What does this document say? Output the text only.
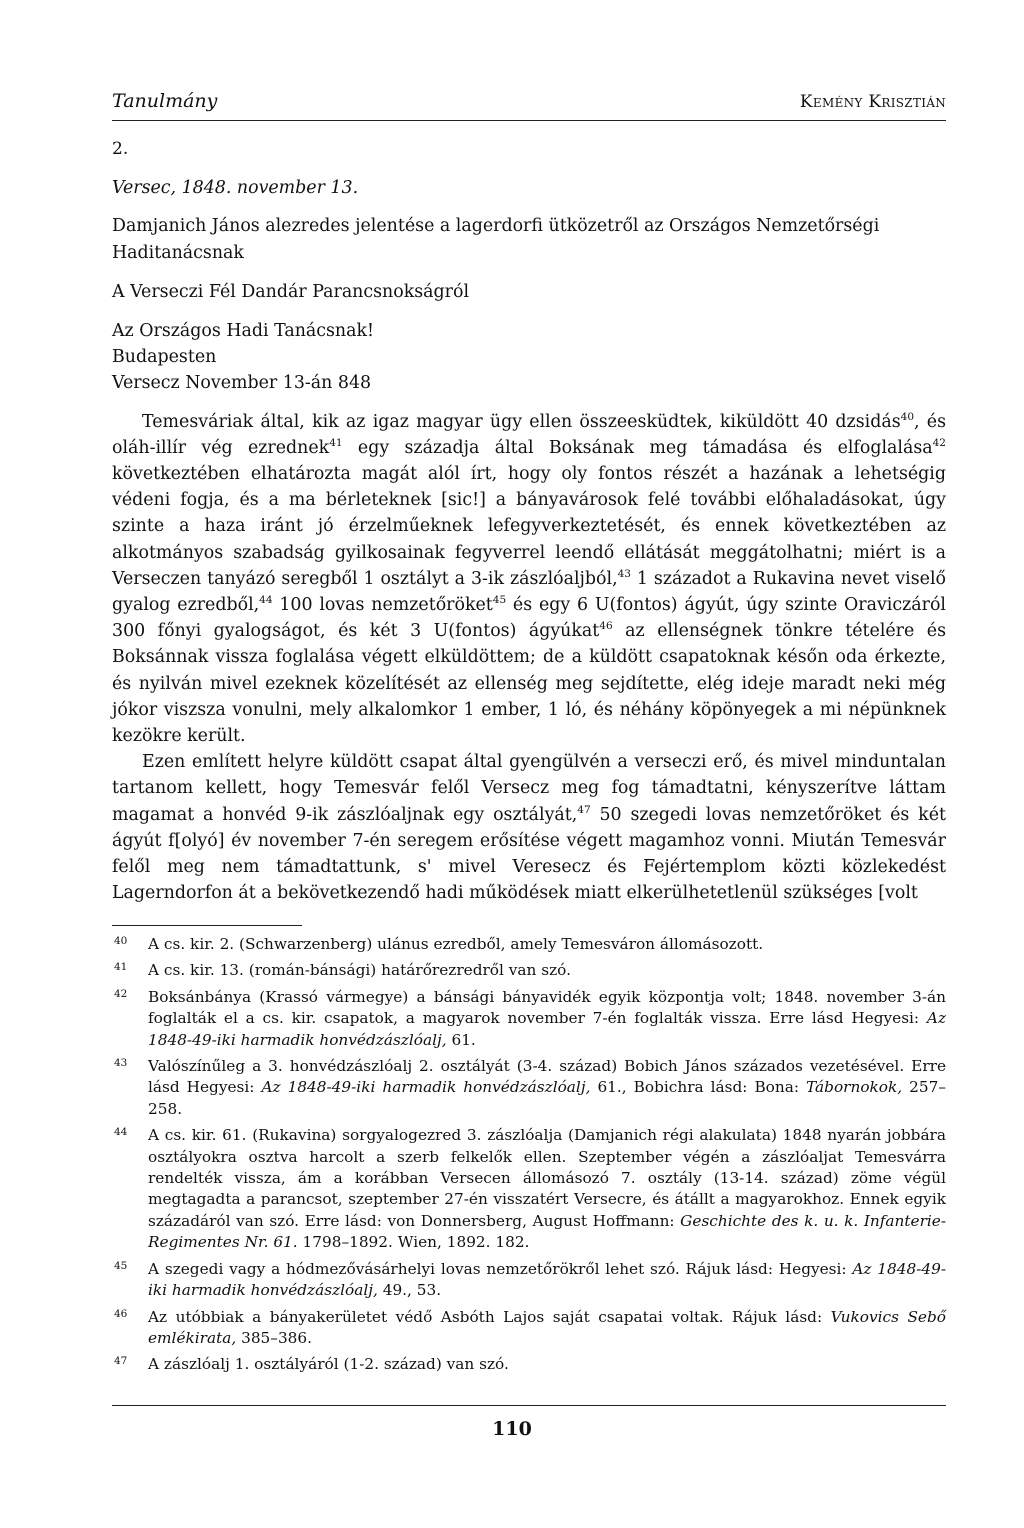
Tanulmány	Kemény Krisztián

2.

Versec, 1848. november 13.

Damjanich János alezredes jelentése a lagerdorfi ütközetről az Országos Nemzetőrségi Haditanácsnak

A Verseczi Fél Dandár Parancsnokságról

Az Országos Hadi Tanácsnak!

Budapesten

Versecz November 13-án 848

Temesváriak által, kik az igaz magyar ügy ellen összeesküdtek, kiküldött 40 dzsidás$^{40}$, és oláh-illír vég ezrednek$^{41}$ egy századja által Boksának meg támadása és elfoglalása$^{42}$ következtében elhatározta magát alól írt, hogy oly fontos részét a hazának a lehetségig védeni fogja, és a ma bérleteknek [sic!] a bányavárosok felé további előhaladásokat, úgy szinte a haza iránt jó érzelműeknek lefegyverkeztetését, és ennek következtében az alkotmányos szabadság gyilkosainak fegyverrel leendő ellátását meggátolhatni; miért is a Verseczen tanyázó seregből 1 osztályt a 3-ik zászlóaljból,$^{43}$ 1 századot a Rukavina nevet viselő gyalog ezredből,$^{44}$ 100 lovas nemzetőröket$^{45}$ és egy 6 U(fontos) ágyút, úgy szinte Oraviczáról 300 főnyi gyalogságot, és két 3 U(fontos) ágyúkat$^{46}$ az ellenségnek tönkre tételére és Boksánnak vissza foglalása végett elküldöttem; de a küldött csapatoknak későn oda érkezte, és nyilván mivel ezeknek közelítését az ellenség meg sejdítette, elég ideje maradt neki még jókor viszsza vonulni, mely alkalomkor 1 ember, 1 ló, és néhány köpönyegek a mi népünknek kezökre került.

Ezen említett helyre küldött csapat által gyengülvén a verseczi erő, és mivel minduntalan tartanom kellett, hogy Temesvár felől Versecz meg fog támadtatni, kényszerítve láttam magamat a honvéd 9-ik zászlóaljnak egy osztályát,$^{47}$ 50 szegedi lovas nemzetőröket és két ágyút f[olyó] év november 7-én seregem erősítése végett magamhoz vonni. Miután Temesvár felől meg nem támadtattunk, s' mivel Veresecz és Fejértemplom közti közlekedést Lagerndorfon át a bekövetkezendő hadi működések miatt elkerülhetetlenül szükséges [volt

40	A cs. kir. 2. (Schwarzenberg) ulánus ezredből, amely Temesváron állomásozott.
41	A cs. kir. 13. (román-bánsági) határőrezredről van szó.
42	Boksánbánya (Krassó vármegye) a bánsági bányavidék egyik központja volt; 1848. november 3-án foglalták el a cs. kir. csapatok, a magyarok november 7-én foglalták vissza. Erre lásd Hegyesi: Az 1848-49-iki harmadik honvédzászlóalj, 61.
43	Valószínűleg a 3. honvédzászlóalj 2. osztályát (3-4. század) Bobich János százados vezetésével. Erre lásd Hegyesi: Az 1848-49-iki harmadik honvédzászlóalj, 61., Bobichra lásd: Bona: Tábornokok, 257–258.
44	A cs. kir. 61. (Rukavina) sorgyalogezred 3. zászlóalja (Damjanich régi alakulata) 1848 nyarán jobbára osztályokra osztva harcolt a szerb felkelők ellen. Szeptember végén a zászlóaljat Temesvárra rendelték vissza, ám a korábban Versecen állomásozó 7. osztály (13-14. század) zöme végül megtagadta a parancsot, szeptember 27-én visszatért Versecre, és átállt a magyarokhoz. Ennek egyik századáról van szó. Erre lásd: von Donnersberg, August Hoffmann: Geschichte des k. u. k. Infanterie-Regimentes Nr. 61. 1798–1892. Wien, 1892. 182.
45	A szegedi vagy a hódmezővásárhelyi lovas nemzetőrökről lehet szó. Rájuk lásd: Hegyesi: Az 1848-49-iki harmadik honvédzászlóalj, 49., 53.
46	Az utóbbiak a bányakerületet védő Asbóth Lajos saját csapatai voltak. Rájuk lásd: Vukovics Sebő emlékirata, 385–386.
47	A zászlóalj 1. osztályáról (1-2. század) van szó.
110
